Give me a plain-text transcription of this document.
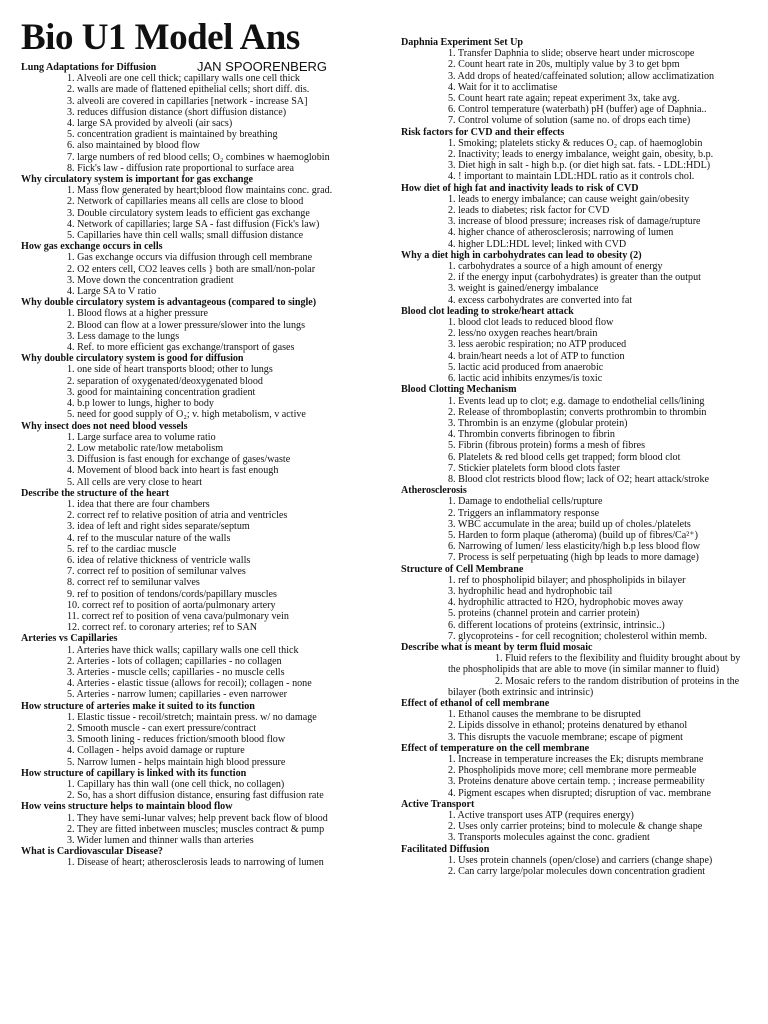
Bio U1 Model Ans
JAN SPOORENBERG
Lung Adaptations for Diffusion
1. Alveoli are one cell thick; capillary walls one cell thick
2. walls are made of flattened epithelial cells; short diff. dis.
3. alveoli are covered in capillaries [network - increase SA]
3. reduces diffusion distance (short diffusion distance)
4. large SA provided by alveoli (air sacs)
5. concentration gradient is maintained by breathing
6. also maintained by blood flow
7. large numbers of red blood cells; O₂ combines w haemoglobin
8. Fick's law - diffusion rate proportional to surface area
Why circulatory system is important for gas exchange
1. Mass flow generated by heart;blood flow maintains conc. grad.
2. Network of capillaries means all cells are close to blood
3. Double circulatory system leads to efficient gas exchange
4. Network of capillaries; large SA - fast diffusion (Fick's law)
5. Capillaries have thin cell walls; small diffusion distance
How gas exchange occurs in cells
1. Gas exchange occurs via diffusion through cell membrane
2. O2 enters cell, CO2 leaves cells } both are small/non-polar
3. Move down the concentration gradient
4. Large SA to V ratio
Why double circulatory system is advantageous (compared to single)
1. Blood flows at a higher pressure
2. Blood can flow at a lower pressure/slower into the lungs
3. Less damage to the lungs
4. Ref. to more efficient gas exchange/transport of gases
Why double circulatory system is good for diffusion
1. one side of heart transports blood; other to lungs
2. separation of oxygenated/deoxygenated blood
3. good for maintaining concentration gradient
4. b.p lower to lungs, higher to body
5. need for good supply of O₂; v. high metabolism, v active
Why insect does not need blood vessels
1. Large surface area to volume ratio
2. Low metabolic rate/low metabolism
3. Diffusion is fast enough for exchange of gases/waste
4. Movement of blood back into heart is fast enough
5. All cells are very close to heart
Describe the structure of the heart
1. idea that there are four chambers
2. correct ref to relative position of atria and ventricles
3. idea of left and right sides separate/septum
4. ref to the muscular nature of the walls
5. ref to the cardiac muscle
6. idea of relative thickness of ventricle walls
7. correct ref to position of semilunar valves
8. correct ref to semilunar valves
9. ref to position of tendons/cords/papillary muscles
10. correct ref to position of aorta/pulmonary artery
11. correct ref to position of vena cava/pulmonary vein
12. correct ref. to coronary arteries; ref to SAN
Arteries vs Capillaries
1. Arteries have thick walls; capillary walls one cell thick
2. Arteries - lots of collagen; capillaries - no collagen
3. Arteries - muscle cells; capillaries - no muscle cells
4. Arteries - elastic tissue (allows for recoil); collagen - none
5. Arteries - narrow lumen; capillaries - even narrower
How structure of arteries make it suited to its function
1. Elastic tissue - recoil/stretch; maintain press. w/ no damage
2. Smooth muscle - can exert pressure/contract
3. Smooth lining - reduces friction/smooth blood flow
4. Collagen - helps avoid damage or rupture
5. Narrow lumen - helps maintain high blood pressure
How structure of capillary is linked with its function
1. Capillary has thin wall (one cell thick, no collagen)
2. So, has a short diffusion distance, ensuring fast diffusion rate
How veins structure helps to maintain blood flow
1. They have semi-lunar valves; help prevent back flow of blood
2. They are fitted inbetween muscles; muscles contract & pump
3. Wider lumen and thinner walls than arteries
What is Cardiovascular Disease?
1. Disease of heart; atherosclerosis leads to narrowing of lumen
Daphnia Experiment Set Up
1. Transfer Daphnia to slide; observe heart under microscope
2. Count heart rate in 20s, multiply value by 3 to get bpm
3. Add drops of heated/caffeinated solution; allow acclimatization
4. Wait for it to acclimatise
5. Count heart rate again; repeat experiment 3x, take avg.
6. Control temperature (waterbath) pH (buffer) age of Daphnia..
7. Control volume of solution (same no. of drops each time)
Risk factors for CVD and their effects
1. Smoking; platelets sticky & reduces O₂ cap. of haemoglobin
2. Inactivity; leads to energy imbalance, weight gain, obesity, b.p.
3. Diet high in salt - high b.p. (or diet high sat. fats. - LDL:HDL)
4. ! important to maintain LDL:HDL ratio as it controls chol.
How diet of high fat and inactivity leads to risk of CVD
1. leads to energy imbalance; can cause weight gain/obesity
2. leads to diabetes; risk factor for CVD
3. increase of blood pressure; increases risk of damage/rupture
4. higher chance of atherosclerosis; narrowing of lumen
4. higher LDL:HDL level; linked with CVD
Why a diet high in carbohydrates can lead to obesity (2)
1. carbohydrates a source of a high amount of energy
2. if the energy input (carbohydrates) is greater than the output
3. weight is gained/energy imbalance
4. excess carbohydrates are converted into fat
Blood clot leading to stroke/heart attack
1. blood clot leads to reduced blood flow
2. less/no oxygen reaches heart/brain
3. less aerobic respiration; no ATP produced
4. brain/heart needs a lot of ATP to function
5. lactic acid produced from anaerobic
6. lactic acid inhibits enzymes/is toxic
Blood Clotting Mechanism
1. Events lead up to clot; e.g. damage to endothelial cells/lining
2. Release of thromboplastin; converts prothrombin to thrombin
3. Thrombin is an enzyme (globular protein)
4. Thrombin converts fibrinogen to fibrin
5. Fibrin (fibrous protein) forms a mesh of fibres
6. Platelets & red blood cells get trapped; form blood clot
7. Stickier platelets form blood clots faster
8. Blood clot restricts blood flow; lack of O2; heart attack/stroke
Atherosclerosis
1. Damage to endothelial cells/rupture
2. Triggers an inflammatory response
3. WBC accumulate in the area; build up of choles./platelets
5. Harden to form plaque (atheroma) (build up of fibres/Ca²⁺)
6. Narrowing of lumen/ less elasticity/high b.p less blood flow
7. Process is self perpetuating (high bp leads to more damage)
Structure of Cell Membrane
1. ref to phospholipid bilayer; and phospholipids in bilayer
3. hydrophilic head and hydrophobic tail
4. hydrophilic attracted to H2O, hydrophobic moves away
5. proteins (channel protein and carrier protein)
6. different locations of proteins (extrinsic, intrinsic..)
7. glycoproteins - for cell recognition; cholesterol within memb.
Describe what is meant by term fluid mosaic
1. Fluid refers to the flexibility and fluidity brought about by the phospholipids that are able to move (in similar manner to fluid)
2. Mosaic refers to the random distribution of proteins in the bilayer (both extrinsic and intrinsic)
Effect of ethanol of cell membrane
1. Ethanol causes the membrane to be disrupted
2. Lipids dissolve in ethanol; proteins denatured by ethanol
3. This disrupts the vacuole membrane; escape of pigment
Effect of temperature on the cell membrane
1. Increase in temperature increases the Ek; disrupts membrane
2. Phospholipids move more; cell membrane more permeable
3. Proteins denature above certain temp. ; increase permeability
4. Pigment escapes when disrupted; disruption of vac. membrane
Active Transport
1. Active transport uses ATP (requires energy)
2. Uses only carrier proteins; bind to molecule & change shape
3. Transports molecules against the conc. gradient
Facilitated Diffusion
1. Uses protein channels (open/close) and carriers (change shape)
2. Can carry large/polar molecules down concentration gradient
